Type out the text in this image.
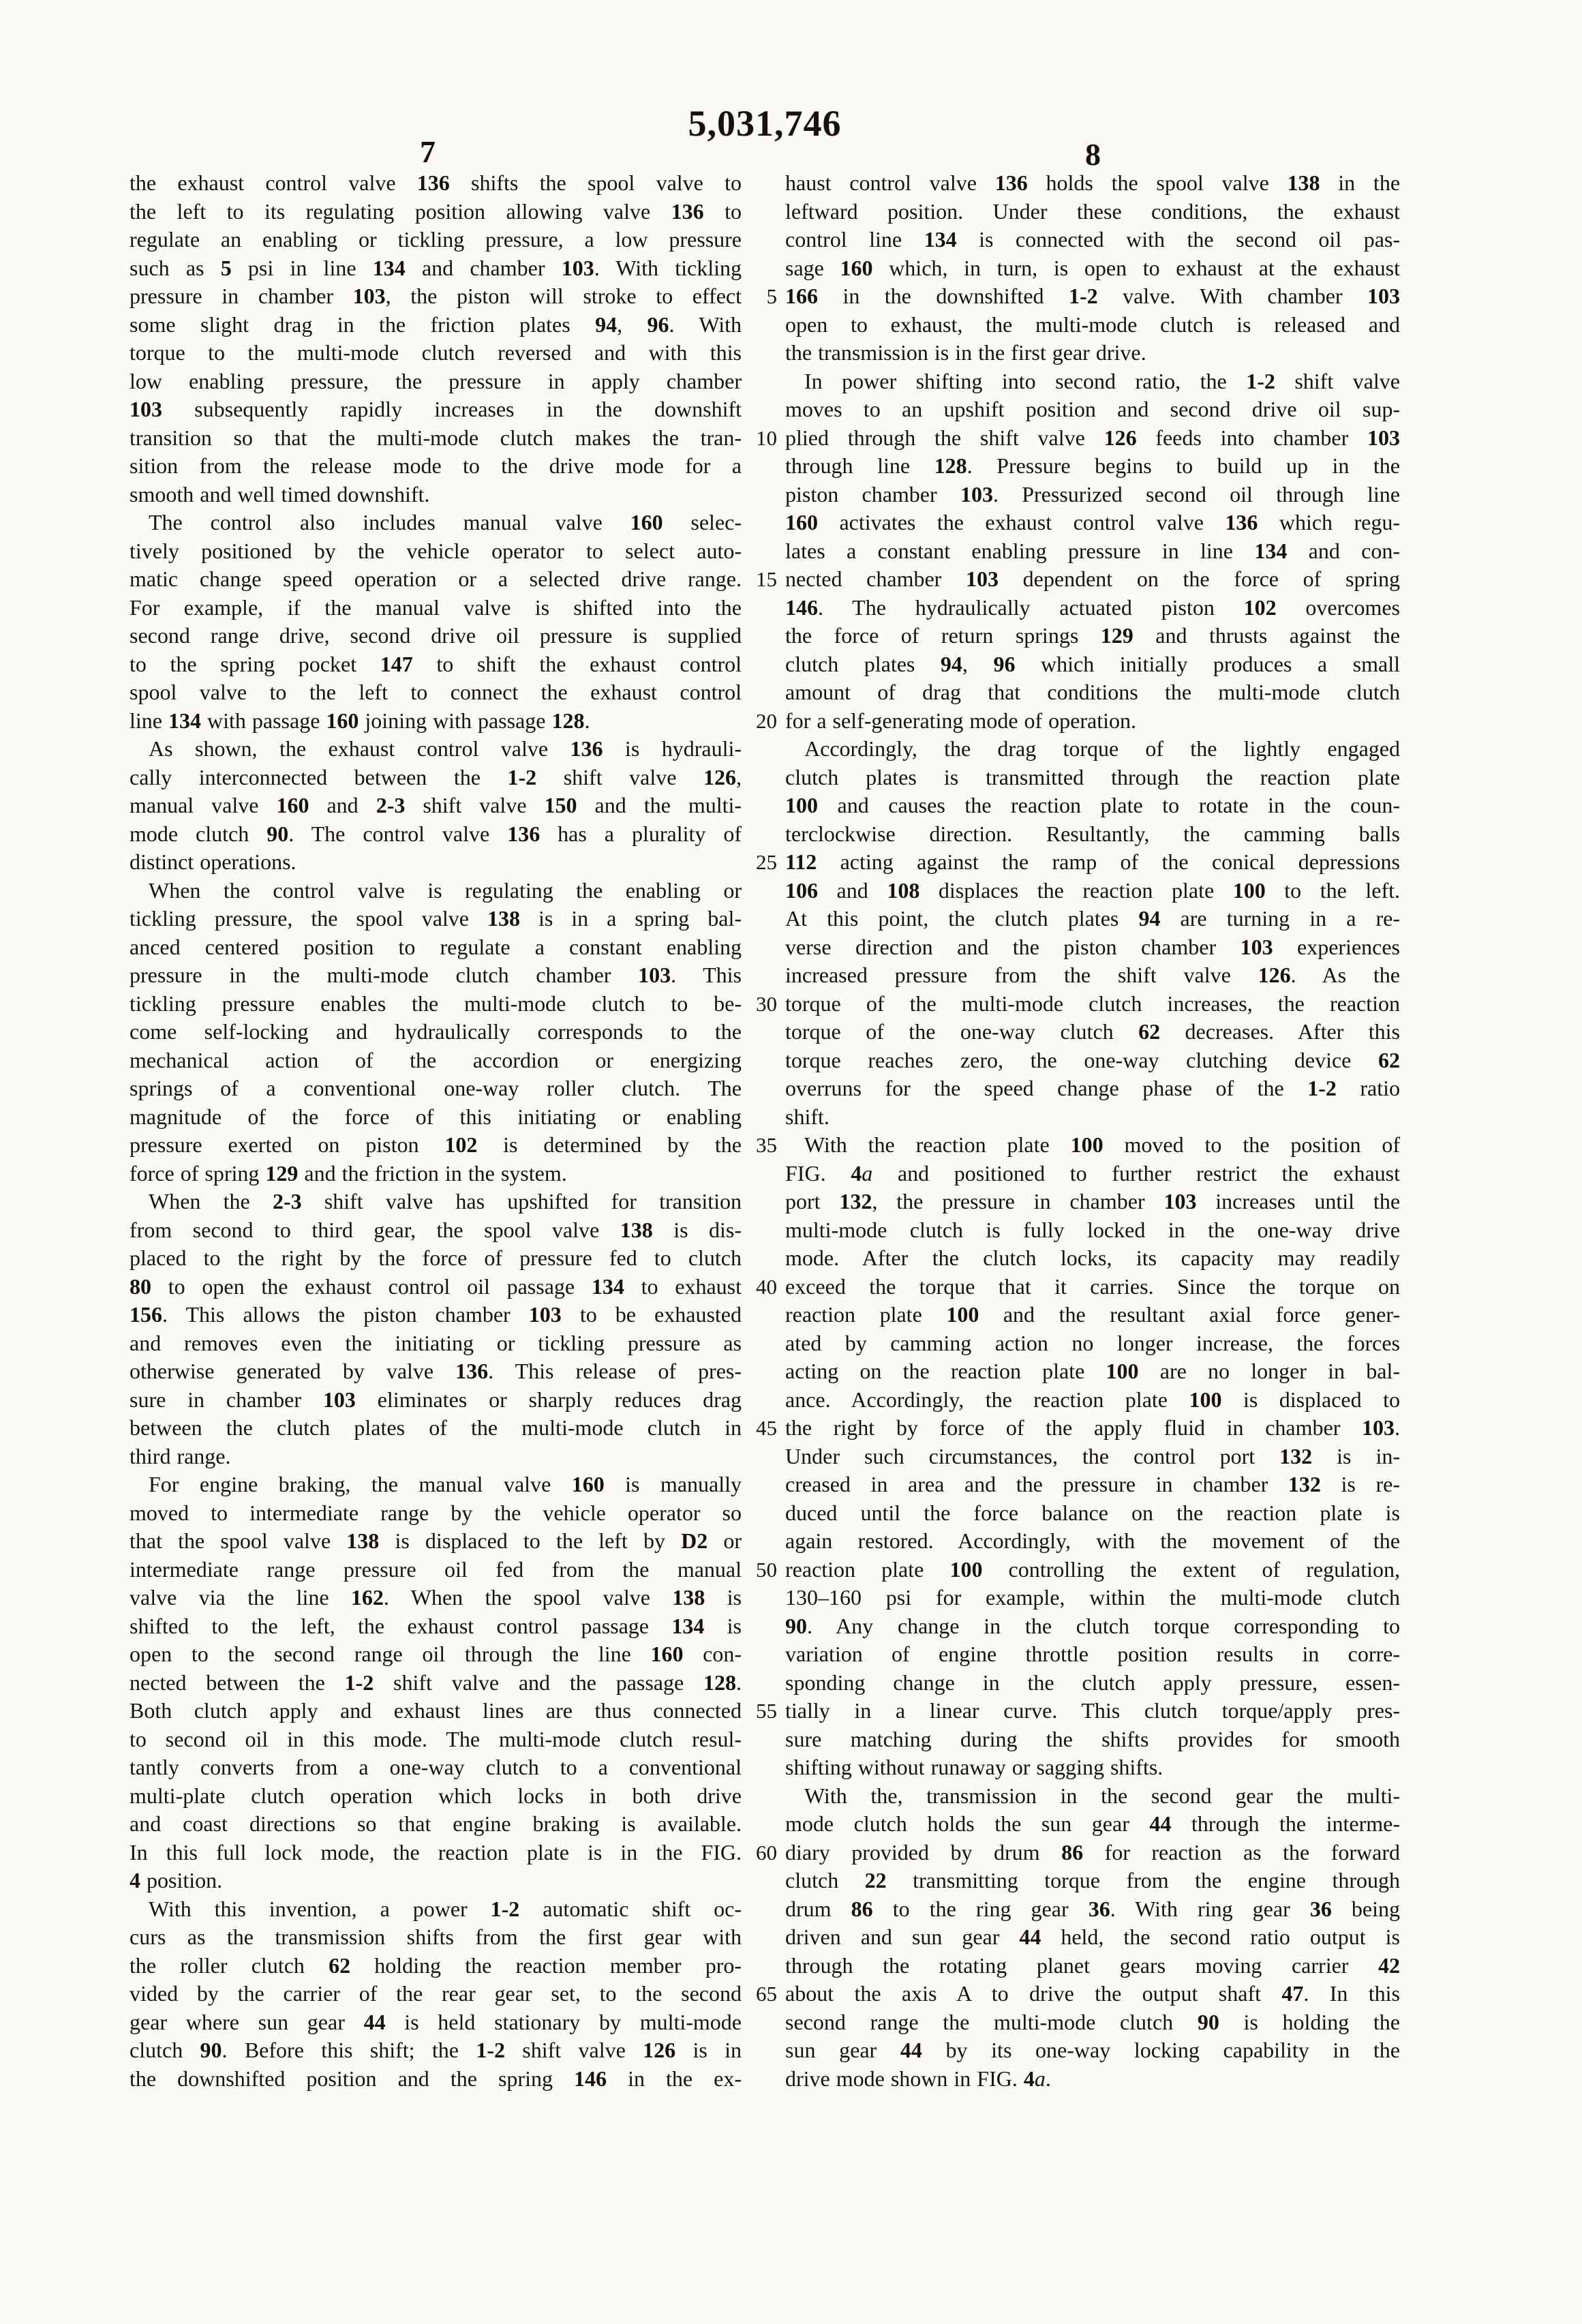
5,031,746
7	8
the exhaust control valve 136 shifts the spool valve to
the left to its regulating position allowing valve 136 to
regulate an enabling or tickling pressure, a low pressure
such as 5 psi in line 134 and chamber 103. With tickling
pressure in chamber 103, the piston will stroke to effect
some slight drag in the friction plates 94, 96. With
torque to the multi-mode clutch reversed and with this
low enabling pressure, the pressure in apply chamber
103 subsequently rapidly increases in the downshift
transition so that the multi-mode clutch makes the tran-
sition from the release mode to the drive mode for a
smooth and well timed downshift.
The control also includes manual valve 160 selec-
tively positioned by the vehicle operator to select auto-
matic change speed operation or a selected drive range.
For example, if the manual valve is shifted into the
second range drive, second drive oil pressure is supplied
to the spring pocket 147 to shift the exhaust control
spool valve to the left to connect the exhaust control
line 134 with passage 160 joining with passage 128.
As shown, the exhaust control valve 136 is hydrauli-
cally interconnected between the 1-2 shift valve 126,
manual valve 160 and 2-3 shift valve 150 and the multi-
mode clutch 90. The control valve 136 has a plurality of
distinct operations.
When the control valve is regulating the enabling or
tickling pressure, the spool valve 138 is in a spring bal-
anced centered position to regulate a constant enabling
pressure in the multi-mode clutch chamber 103. This
tickling pressure enables the multi-mode clutch to be-
come self-locking and hydraulically corresponds to the
mechanical action of the accordion or energizing
springs of a conventional one-way roller clutch. The
magnitude of the force of this initiating or enabling
pressure exerted on piston 102 is determined by the
force of spring 129 and the friction in the system.
When the 2-3 shift valve has upshifted for transition
from second to third gear, the spool valve 138 is dis-
placed to the right by the force of pressure fed to clutch
80 to open the exhaust control oil passage 134 to exhaust
156. This allows the piston chamber 103 to be exhausted
and removes even the initiating or tickling pressure as
otherwise generated by valve 136. This release of pres-
sure in chamber 103 eliminates or sharply reduces drag
between the clutch plates of the multi-mode clutch in
third range.
For engine braking, the manual valve 160 is manually
moved to intermediate range by the vehicle operator so
that the spool valve 138 is displaced to the left by D2 or
intermediate range pressure oil fed from the manual
valve via the line 162. When the spool valve 138 is
shifted to the left, the exhaust control passage 134 is
open to the second range oil through the line 160 con-
nected between the 1-2 shift valve and the passage 128.
Both clutch apply and exhaust lines are thus connected
to second oil in this mode. The multi-mode clutch resul-
tantly converts from a one-way clutch to a conventional
multi-plate clutch operation which locks in both drive
and coast directions so that engine braking is available.
In this full lock mode, the reaction plate is in the FIG.
4 position.
With this invention, a power 1-2 automatic shift oc-
curs as the transmission shifts from the first gear with
the roller clutch 62 holding the reaction member pro-
vided by the carrier of the rear gear set, to the second
gear where sun gear 44 is held stationary by multi-mode
clutch 90. Before this shift; the 1-2 shift valve 126 is in
the downshifted position and the spring 146 in the ex-
haust control valve 136 holds the spool valve 138 in the
leftward position. Under these conditions, the exhaust
control line 134 is connected with the second oil pas-
sage 160 which, in turn, is open to exhaust at the exhaust
166 in the downshifted 1-2 valve. With chamber 103
open to exhaust, the multi-mode clutch is released and
the transmission is in the first gear drive.
In power shifting into second ratio, the 1-2 shift valve
moves to an upshift position and second drive oil sup-
plied through the shift valve 126 feeds into chamber 103
through line 128. Pressure begins to build up in the
piston chamber 103. Pressurized second oil through line
160 activates the exhaust control valve 136 which regu-
lates a constant enabling pressure in line 134 and con-
nected chamber 103 dependent on the force of spring
146. The hydraulically actuated piston 102 overcomes
the force of return springs 129 and thrusts against the
clutch plates 94, 96 which initially produces a small
amount of drag that conditions the multi-mode clutch
for a self-generating mode of operation.
Accordingly, the drag torque of the lightly engaged
clutch plates is transmitted through the reaction plate
100 and causes the reaction plate to rotate in the coun-
terclockwise direction. Resultantly, the camming balls
112 acting against the ramp of the conical depressions
106 and 108 displaces the reaction plate 100 to the left.
At this point, the clutch plates 94 are turning in a re-
verse direction and the piston chamber 103 experiences
increased pressure from the shift valve 126. As the
torque of the multi-mode clutch increases, the reaction
torque of the one-way clutch 62 decreases. After this
torque reaches zero, the one-way clutching device 62
overruns for the speed change phase of the 1-2 ratio
shift.
With the reaction plate 100 moved to the position of
FIG. 4a and positioned to further restrict the exhaust
port 132, the pressure in chamber 103 increases until the
multi-mode clutch is fully locked in the one-way drive
mode. After the clutch locks, its capacity may readily
exceed the torque that it carries. Since the torque on
reaction plate 100 and the resultant axial force gener-
ated by camming action no longer increase, the forces
acting on the reaction plate 100 are no longer in bal-
ance. Accordingly, the reaction plate 100 is displaced to
the right by force of the apply fluid in chamber 103.
Under such circumstances, the control port 132 is in-
creased in area and the pressure in chamber 132 is re-
duced until the force balance on the reaction plate is
again restored. Accordingly, with the movement of the
reaction plate 100 controlling the extent of regulation,
130–160 psi for example, within the multi-mode clutch
90. Any change in the clutch torque corresponding to
variation of engine throttle position results in corre-
sponding change in the clutch apply pressure, essen-
tially in a linear curve. This clutch torque/apply pres-
sure matching during the shifts provides for smooth
shifting without runaway or sagging shifts.
With the, transmission in the second gear the multi-
mode clutch holds the sun gear 44 through the interme-
diary provided by drum 86 for reaction as the forward
clutch 22 transmitting torque from the engine through
drum 86 to the ring gear 36. With ring gear 36 being
driven and sun gear 44 held, the second ratio output is
through the rotating planet gears moving carrier 42
about the axis A to drive the output shaft 47. In this
second range the multi-mode clutch 90 is holding the
sun gear 44 by its one-way locking capability in the
drive mode shown in FIG. 4a.
5
10
15
20
25
30
35
40
45
50
55
60
65
